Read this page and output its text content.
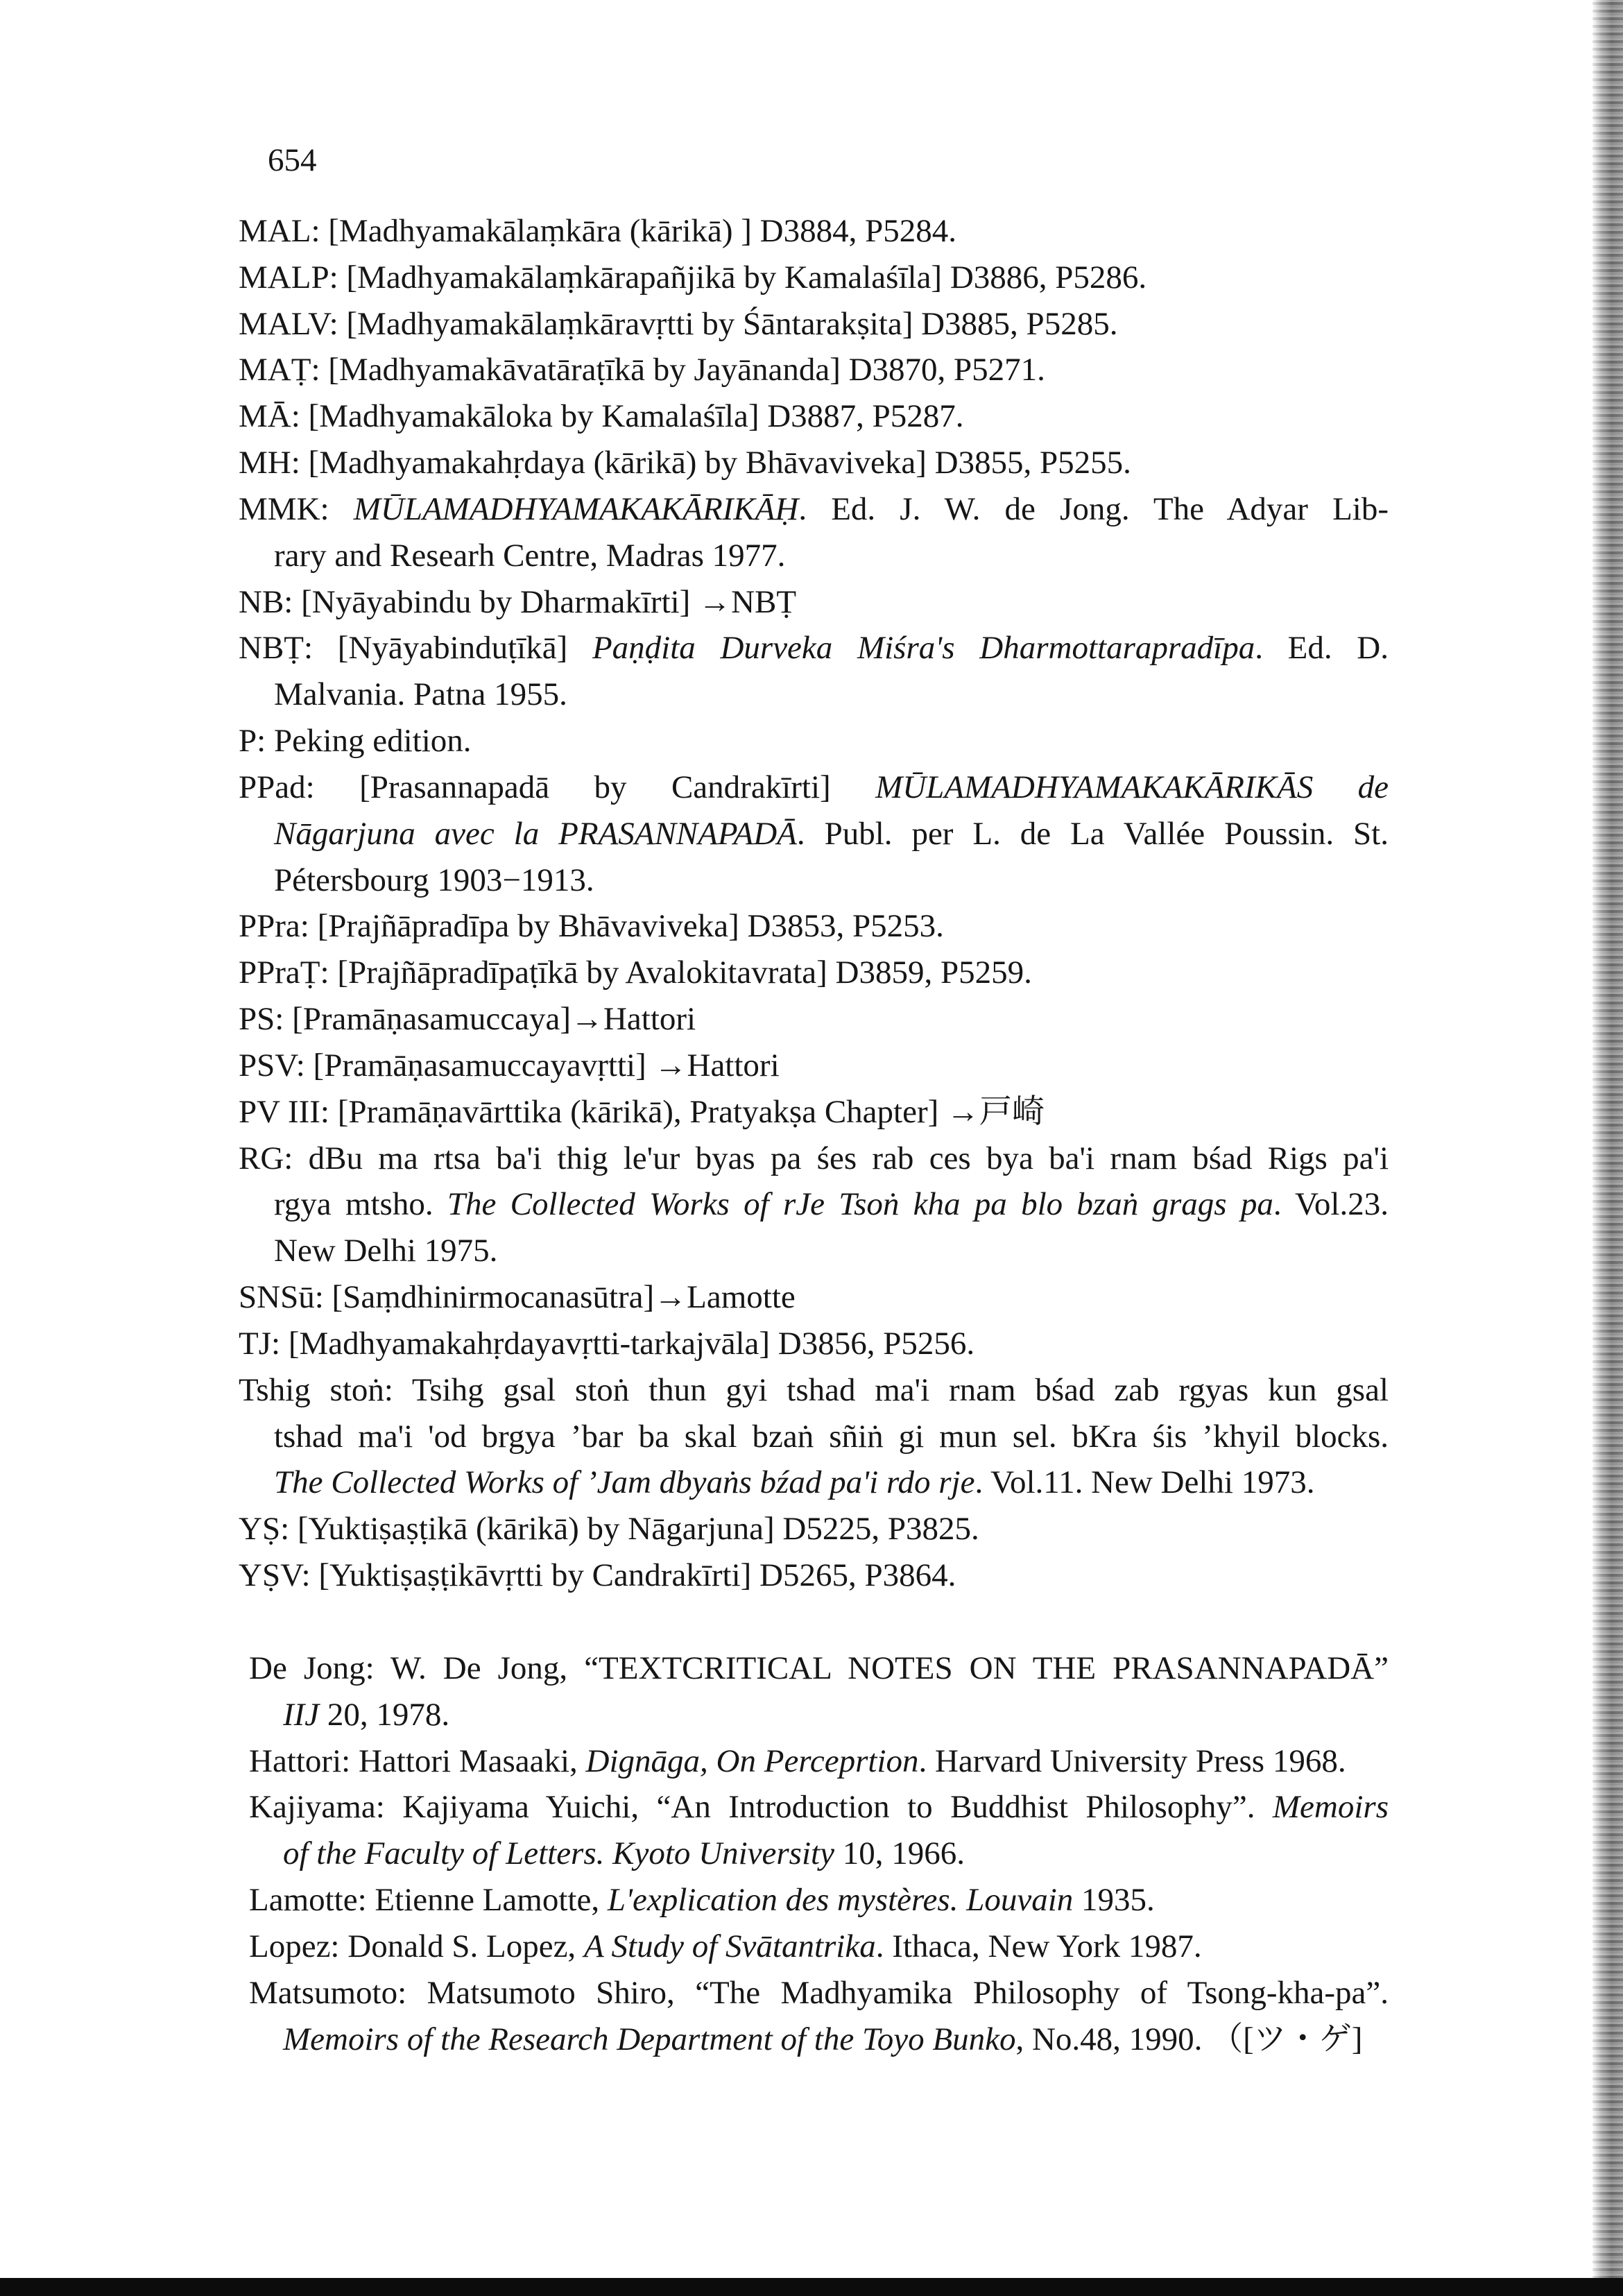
654
MAL: [Madhyamakālaṃkāra (kārikā) ] D3884, P5284.
MALP: [Madhyamakālaṃkārapañjikā by Kamalaśīla] D3886, P5286.
MALV: [Madhyamakālaṃkāravṛtti by Śāntarakṣita] D3885, P5285.
MAṬ: [Madhyamakāvatāraṭīkā by Jayānanda] D3870, P5271.
MĀ: [Madhyamakāloka by Kamalaśīla] D3887, P5287.
MH: [Madhyamakahṛdaya (kārikā) by Bhāvaviveka] D3855, P5255.
MMK: MŪLAMADHYAMAKAKĀRIKĀḤ. Ed. J. W. de Jong. The Adyar Lib-
rary and Researh Centre, Madras 1977.
NB: [Nyāyabindu by Dharmakīrti] →NBṬ
NBṬ: [Nyāyabinduṭīkā] Paṇḍita Durveka Miśra's Dharmottarapradīpa. Ed. D.
Malvania. Patna 1955.
P: Peking edition.
PPad: [Prasannapadā by Candrakīrti] MŪLAMADHYAMAKAKĀRIKĀS de
Nāgarjuna avec la PRASANNAPADĀ. Publ. per L. de La Vallée Poussin. St.
Pétersbourg 1903−1913.
PPra: [Prajñāpradīpa by Bhāvaviveka] D3853, P5253.
PPraṬ: [Prajñāpradīpaṭīkā by Avalokitavrata] D3859, P5259.
PS: [Pramāṇasamuccaya]→Hattori
PSV: [Pramāṇasamuccayavṛtti] →Hattori
PV III: [Pramāṇavārttika (kārikā), Pratyakṣa Chapter] →戸崎
RG: dBu ma rtsa ba'i thig le'ur byas pa śes rab ces bya ba'i rnam bśad Rigs pa'i
rgya mtsho. The Collected Works of rJe Tsoṅ kha pa blo bzaṅ grags pa. Vol.23.
New Delhi 1975.
SNSū: [Saṃdhinirmocanasūtra]→Lamotte
TJ: [Madhyamakahṛdayavṛtti-tarkajvāla] D3856, P5256.
Tshig stoṅ: Tsihg gsal stoṅ thun gyi tshad ma'i rnam bśad zab rgyas kun gsal
tshad ma'i 'od brgya ’bar ba skal bzaṅ sñiṅ gi mun sel. bKra śis ’khyil blocks.
The Collected Works of ’Jam dbyaṅs bźad pa'i rdo rje. Vol.11. New Delhi 1973.
YṢ: [Yuktiṣaṣṭikā (kārikā) by Nāgarjuna] D5225, P3825.
YṢV: [Yuktiṣaṣṭikāvṛtti by Candrakīrti] D5265, P3864.
De Jong: W. De Jong, “TEXTCRITICAL NOTES ON THE PRASANNAPADĀ”
IIJ 20, 1978.
Hattori: Hattori Masaaki, Dignāga, On Perceprtion. Harvard University Press 1968.
Kajiyama: Kajiyama Yuichi, “An Introduction to Buddhist Philosophy”. Memoirs
of the Faculty of Letters. Kyoto University 10, 1966.
Lamotte: Etienne Lamotte, L'explication des mystères. Louvain 1935.
Lopez: Donald S. Lopez, A Study of Svātantrika. Ithaca, New York 1987.
Matsumoto: Matsumoto Shiro, “The Madhyamika Philosophy of Tsong-kha-pa”.
Memoirs of the Research Department of the Toyo Bunko, No.48, 1990. （[ツ・ゲ]
